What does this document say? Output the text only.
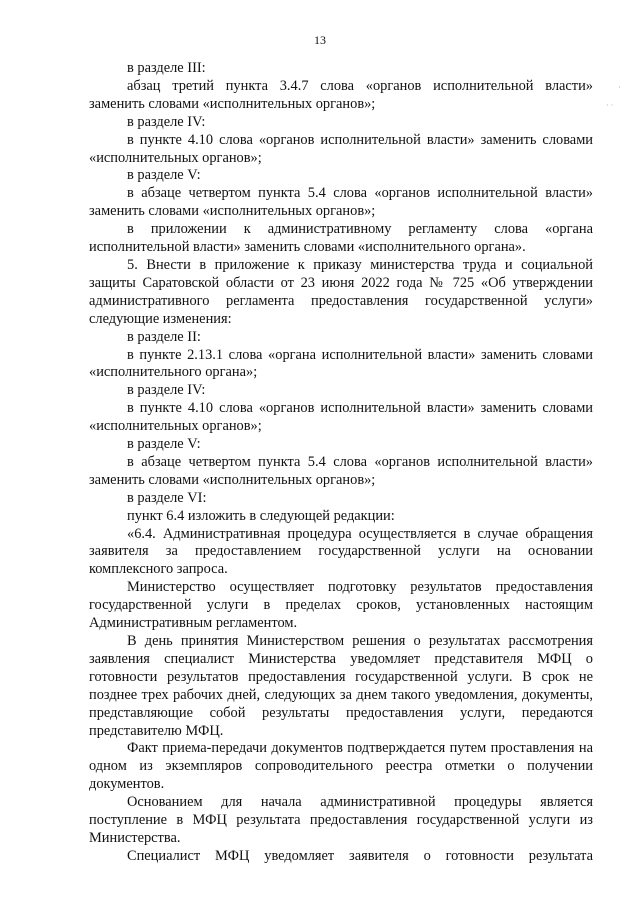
13
·
· ·

в разделе III:

абзац третий пункта 3.4.7 слова «органов исполнительной власти» заменить словами «исполнительных органов»;

в разделе IV:

в пункте 4.10 слова «органов исполнительной власти» заменить словами «исполнительных органов»;

в разделе V:

в абзаце четвертом пункта 5.4 слова «органов исполнительной власти» заменить словами «исполнительных органов»;

в приложении к административному регламенту слова «органа исполнительной власти» заменить словами «исполнительного органа».

5. Внести в приложение к приказу министерства труда и социальной защиты Саратовской области от 23 июня 2022 года № 725 «Об утверждении административного регламента предоставления государственной услуги» следующие изменения:

в разделе II:

в пункте 2.13.1 слова «органа исполнительной власти» заменить словами «исполнительного органа»;

в разделе IV:

в пункте 4.10 слова «органов исполнительной власти» заменить словами «исполнительных органов»;

в разделе V:

в абзаце четвертом пункта 5.4 слова «органов исполнительной власти» заменить словами «исполнительных органов»;

в разделе VI:

пункт 6.4 изложить в следующей редакции:

«6.4. Административная процедура осуществляется в случае обращения заявителя за предоставлением государственной услуги на основании комплексного запроса.

Министерство осуществляет подготовку результатов предоставления государственной услуги в пределах сроков, установленных настоящим Административным регламентом.

В день принятия Министерством решения о результатах рассмотрения заявления специалист Министерства уведомляет представителя МФЦ о готовности результатов предоставления государственной услуги. В срок не позднее трех рабочих дней, следующих за днем такого уведомления, документы, представляющие собой результаты предоставления услуги, передаются представителю МФЦ.

Факт приема-передачи документов подтверждается путем проставления на одном из экземпляров сопроводительного реестра отметки о получении документов.

Основанием для начала административной процедуры является поступление в МФЦ результата предоставления государственной услуги из Министерства.

Специалист МФЦ уведомляет заявителя о готовности результата
